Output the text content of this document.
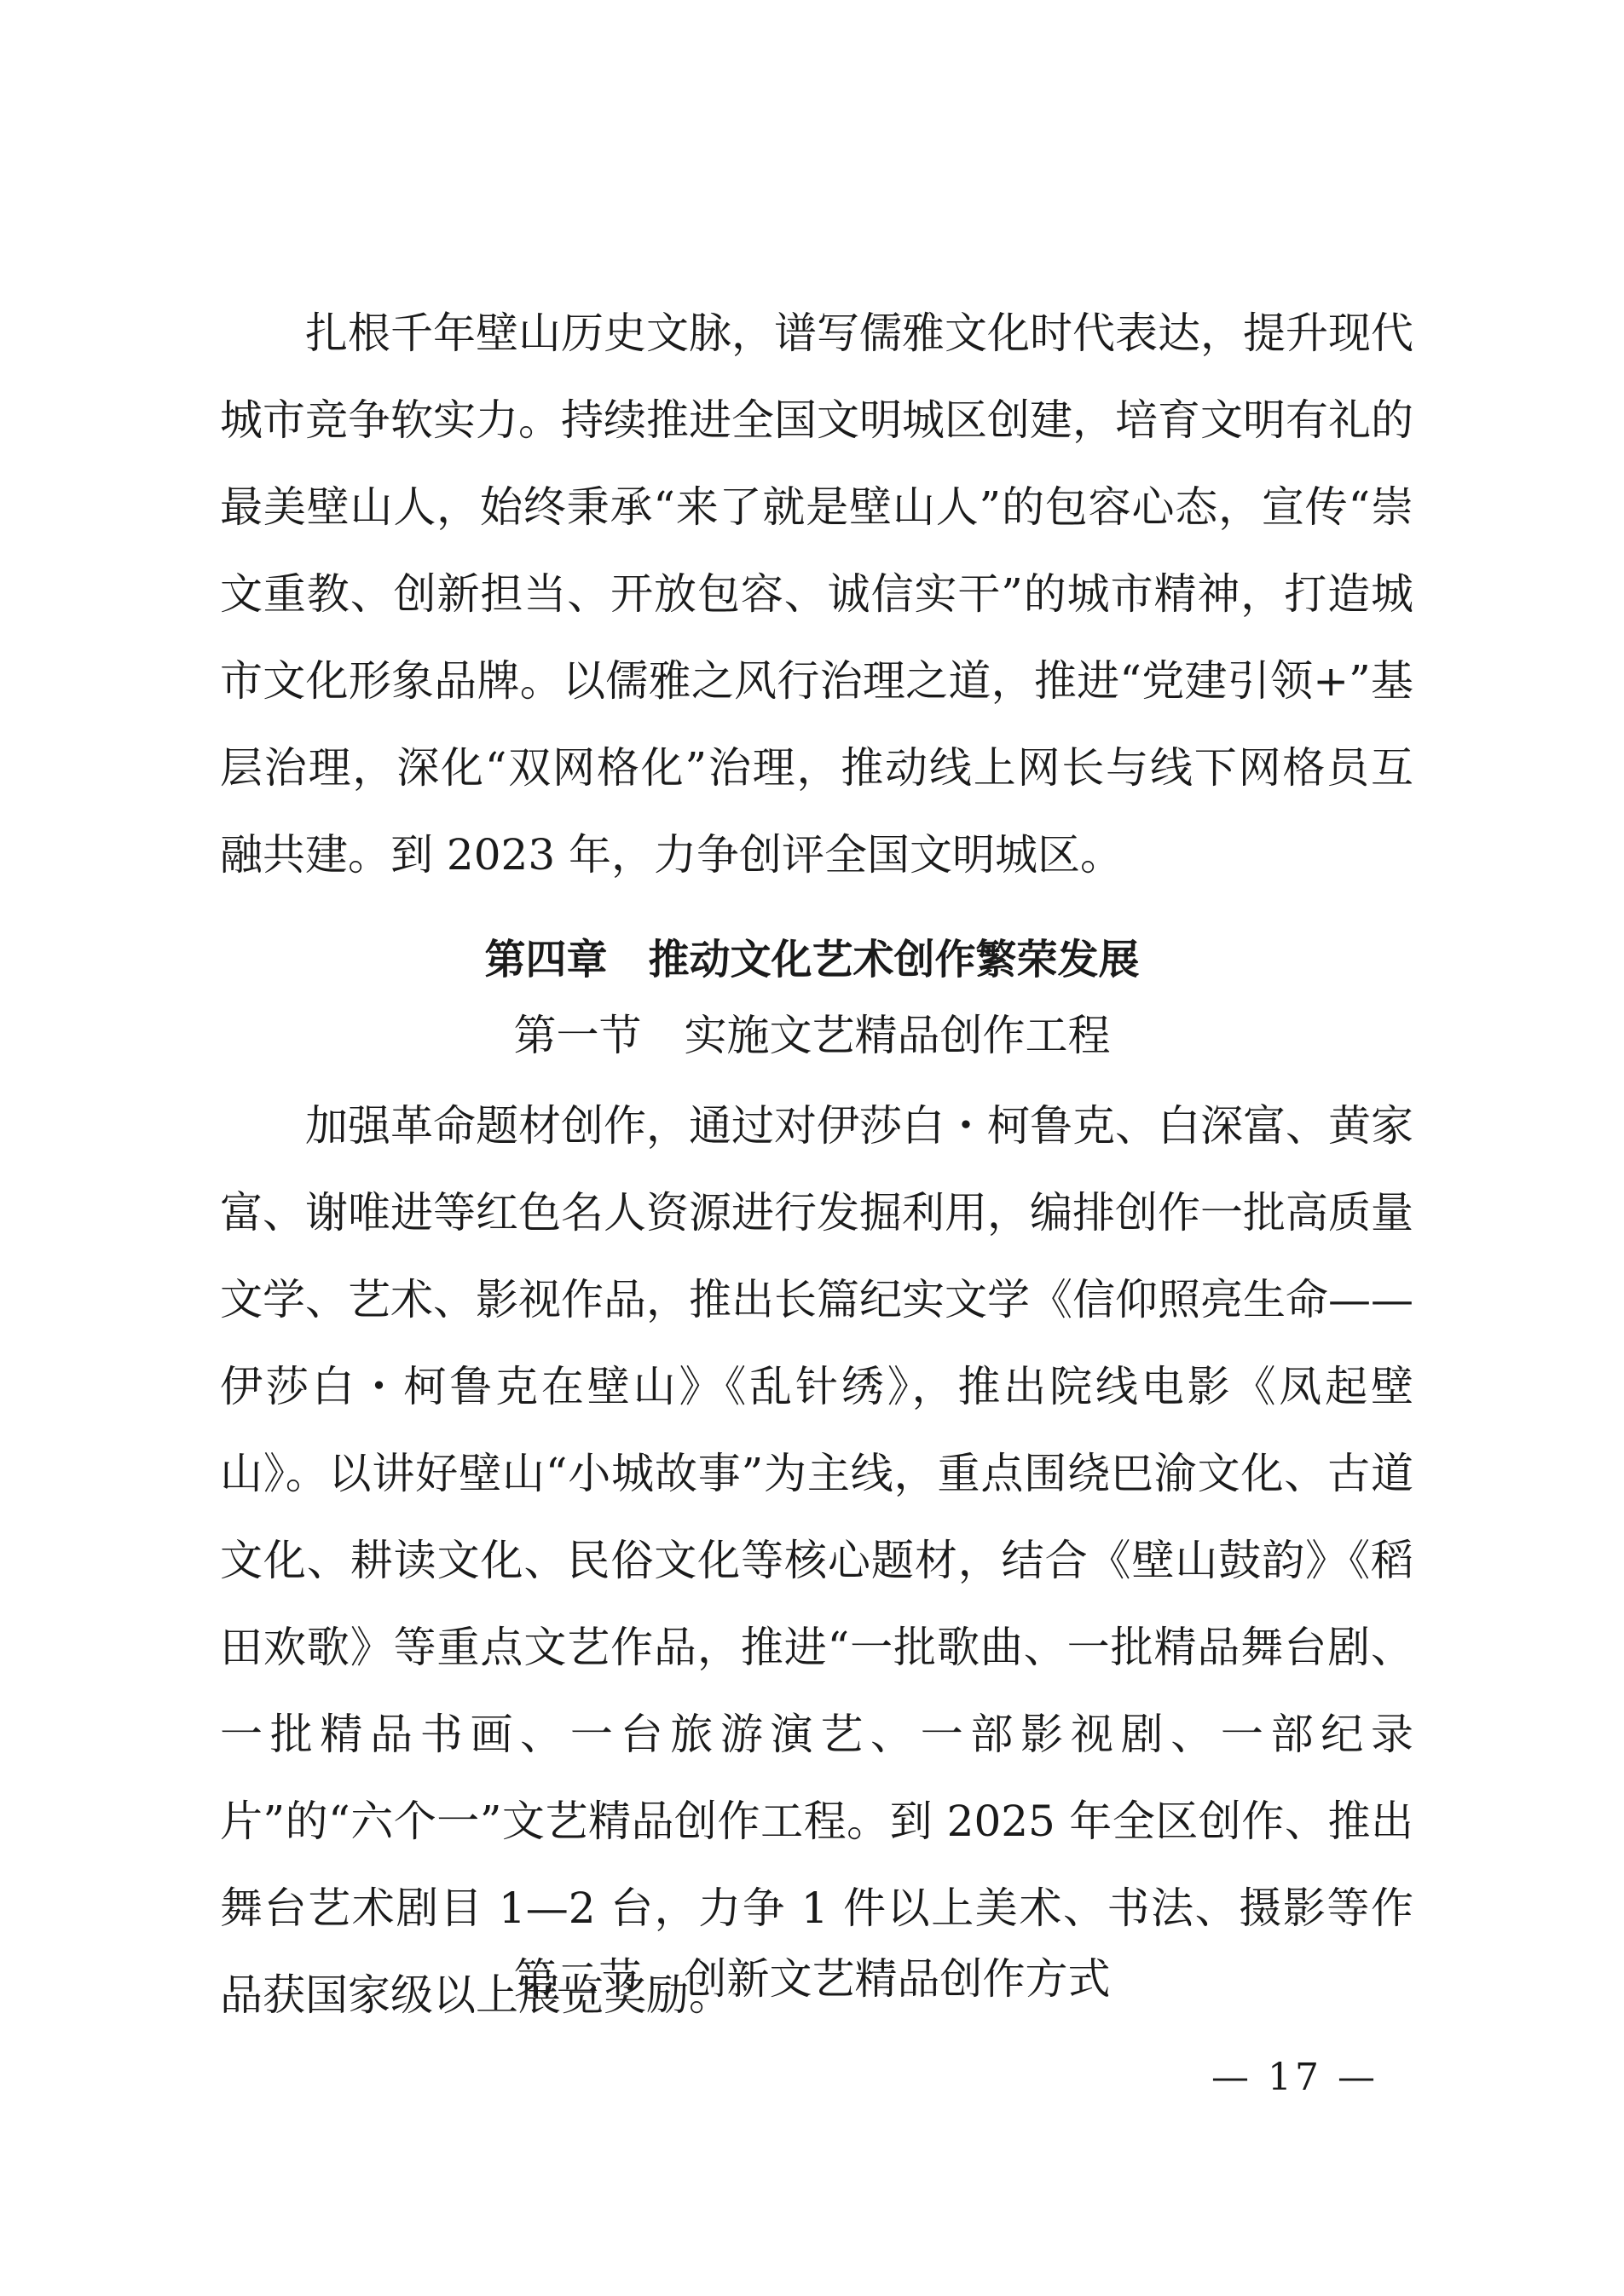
扎根千年壁山历史文脉，谱写儒雅文化时代表达，提升现代城市竞争软实力。持续推进全国文明城区创建，培育文明有礼的最美壁山人，始终秉承“来了就是壁山人”的包容心态，宣传“崇文重教、创新担当、开放包容、诚信实干”的城市精神，打造城市文化形象品牌。以儒雅之风行治理之道，推进“党建引领+”基层治理，深化“双网格化”治理，推动线上网长与线下网格员互融共建。到 2023 年，力争创评全国文明城区。

第四章　推动文化艺术创作繁荣发展
第一节　实施文艺精品创作工程

加强革命题材创作，通过对伊莎白・柯鲁克、白深富、黄家富、谢唯进等红色名人资源进行发掘利用，编排创作一批高质量文学、艺术、影视作品，推出长篇纪实文学《信仰照亮生命——伊莎白・柯鲁克在壁山》《乱针绣》，推出院线电影《凤起壁山》。以讲好壁山“小城故事”为主线，重点围绕巴渝文化、古道文化、耕读文化、民俗文化等核心题材，结合《壁山鼓韵》《稻田欢歌》等重点文艺作品，推进“一批歌曲、一批精品舞台剧、一批精品书画、一台旅游演艺、一部影视剧、一部纪录片”的“六个一”文艺精品创作工程。到 2025 年全区创作、推出舞台艺术剧目 1—2 台，力争 1 件以上美术、书法、摄影等作品获国家级以上展览奖励。

第二节　创新文艺精品创作方式
— 17 —
